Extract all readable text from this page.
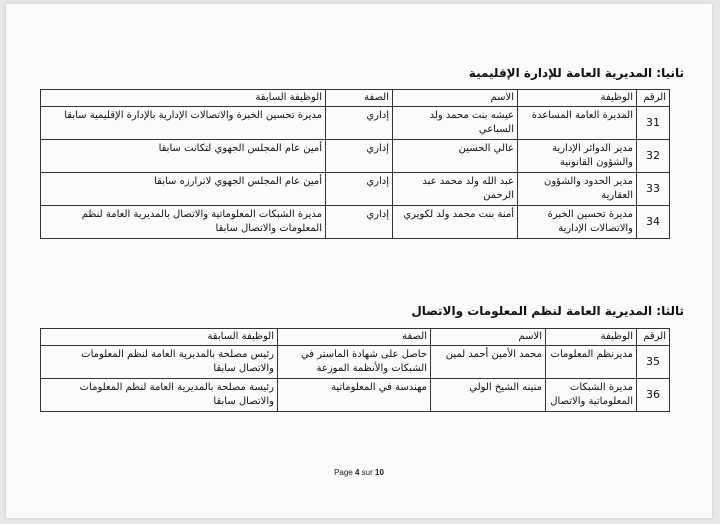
ثانيا: المديرية العامة للإدارة الإقليمية
الرقم	الوظيفة	الاسم	الصفة	الوظيفة السابقة
31	المديرة العامة المساعدة	عيشه بنت محمد ولد السباعي	إداري	مديرة تحسين الخبرة والاتصالات الإدارية بالإدارة الإقليمية سابقا
32	مدير الدوائر الإدارية والشؤون القانونية	عالي الحسين	إداري	أمين عام المجلس الجهوي لتكانت سابقا
33	مدير الحدود والشؤون العقارية	عبد الله ولد محمد عبد الرحمن	إداري	أمين عام المجلس الجهوي لاترارزه سابقا
34	مديرة تحسين الخبرة والاتصالات الإدارية	أمنة بنت محمد ولد لكويري	إداري	مديرة الشبكات المعلوماتية والاتصال بالمديرية العامة لنظم المعلومات والاتصال سابقا
ثالثا: المديرية العامة لنظم المعلومات والاتصال
الرقم	الوظيفة	الاسم	الصفة	الوظيفة السابقة
35	مديرنظم المعلومات	محمد الأمين أحمد لمين	حاصل على شهادة الماستر في الشبكات والأنظمة الموزعة	رئيس مصلحة بالمديرية العامة لنظم المعلومات والاتصال سابقا
36	مديرة الشبكات المعلوماتية والاتصال	منينه الشيخ الولي	مهندسة في المعلوماتية	رئيسة مصلحة بالمديرية العامة لنظم المعلومات والاتصال سابقا
Page 4 sur 10
